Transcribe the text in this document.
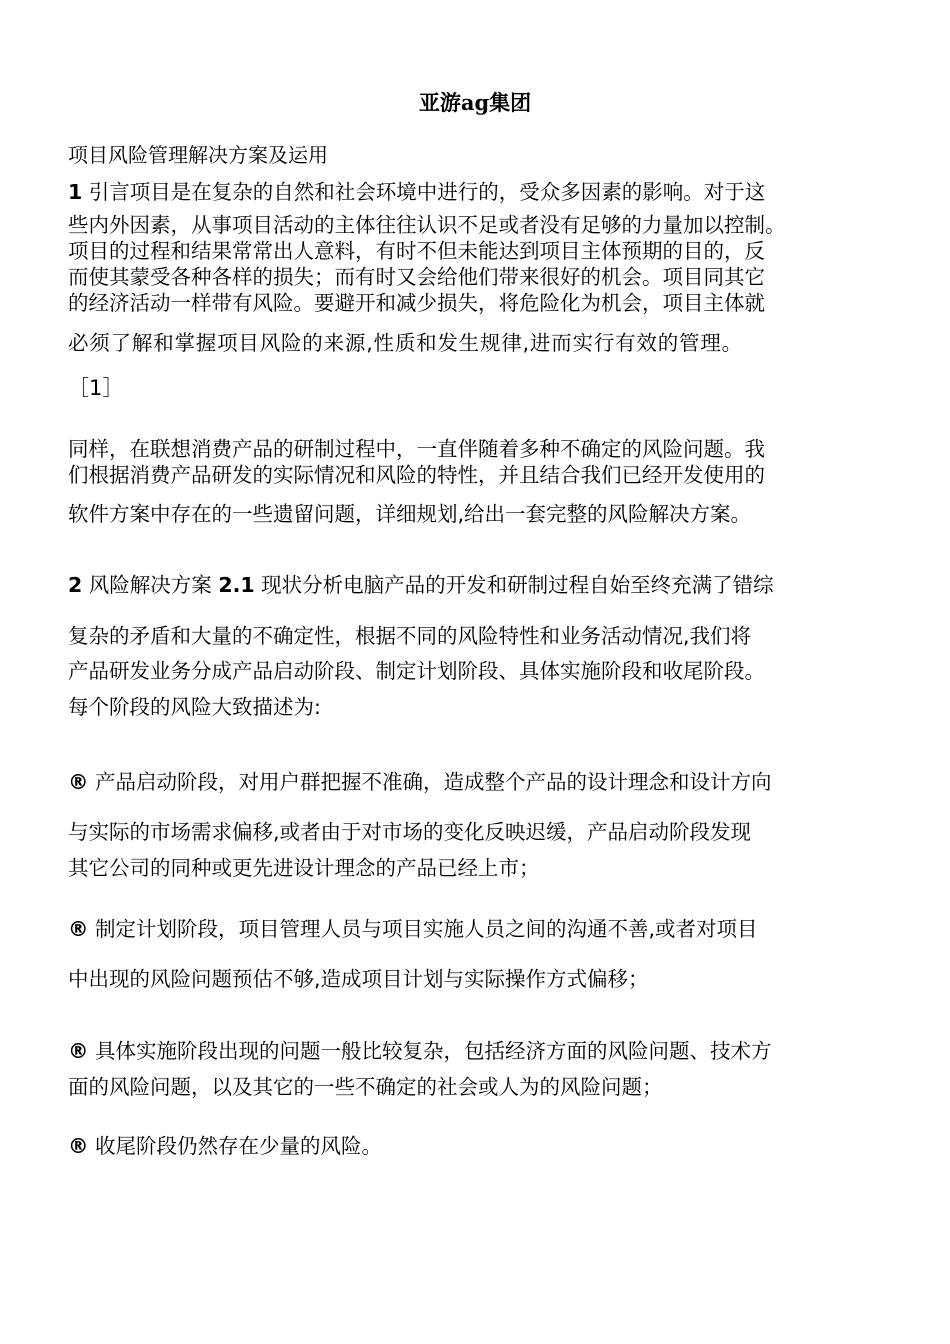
亚游ag集团
项目风险管理解决方案及运用
1 引言项目是在复杂的自然和社会环境中进行的，受众多因素的影响。对于这
些内外因素，从事项目活动的主体往往认识不足或者没有足够的力量加以控制。
项目的过程和结果常常出人意料，有时不但未能达到项目主体预期的目的，反
而使其蒙受各种各样的损失；而有时又会给他们带来很好的机会。项目同其它
的经济活动一样带有风险。要避开和减少损失，将危险化为机会，项目主体就
必须了解和掌握项目风险的来源,性质和发生规律,进而实行有效的管理。
［1］
同样，在联想消费产品的研制过程中，一直伴随着多种不确定的风险问题。我
们根据消费产品研发的实际情况和风险的特性，并且结合我们已经开发使用的
软件方案中存在的一些遗留问题，详细规划,给出一套完整的风险解决方案。
2 风险解决方案 2.1 现状分析电脑产品的开发和研制过程自始至终充满了错综
复杂的矛盾和大量的不确定性，根据不同的风险特性和业务活动情况,我们将
产品研发业务分成产品启动阶段、制定计划阶段、具体实施阶段和收尾阶段。
每个阶段的风险大致描述为:
® 产品启动阶段，对用户群把握不准确，造成整个产品的设计理念和设计方向
与实际的市场需求偏移,或者由于对市场的变化反映迟缓，产品启动阶段发现
其它公司的同种或更先进设计理念的产品已经上市；
® 制定计划阶段，项目管理人员与项目实施人员之间的沟通不善,或者对项目
中出现的风险问题预估不够,造成项目计划与实际操作方式偏移；
® 具体实施阶段出现的问题一般比较复杂，包括经济方面的风险问题、技术方
面的风险问题，以及其它的一些不确定的社会或人为的风险问题；
® 收尾阶段仍然存在少量的风险。
